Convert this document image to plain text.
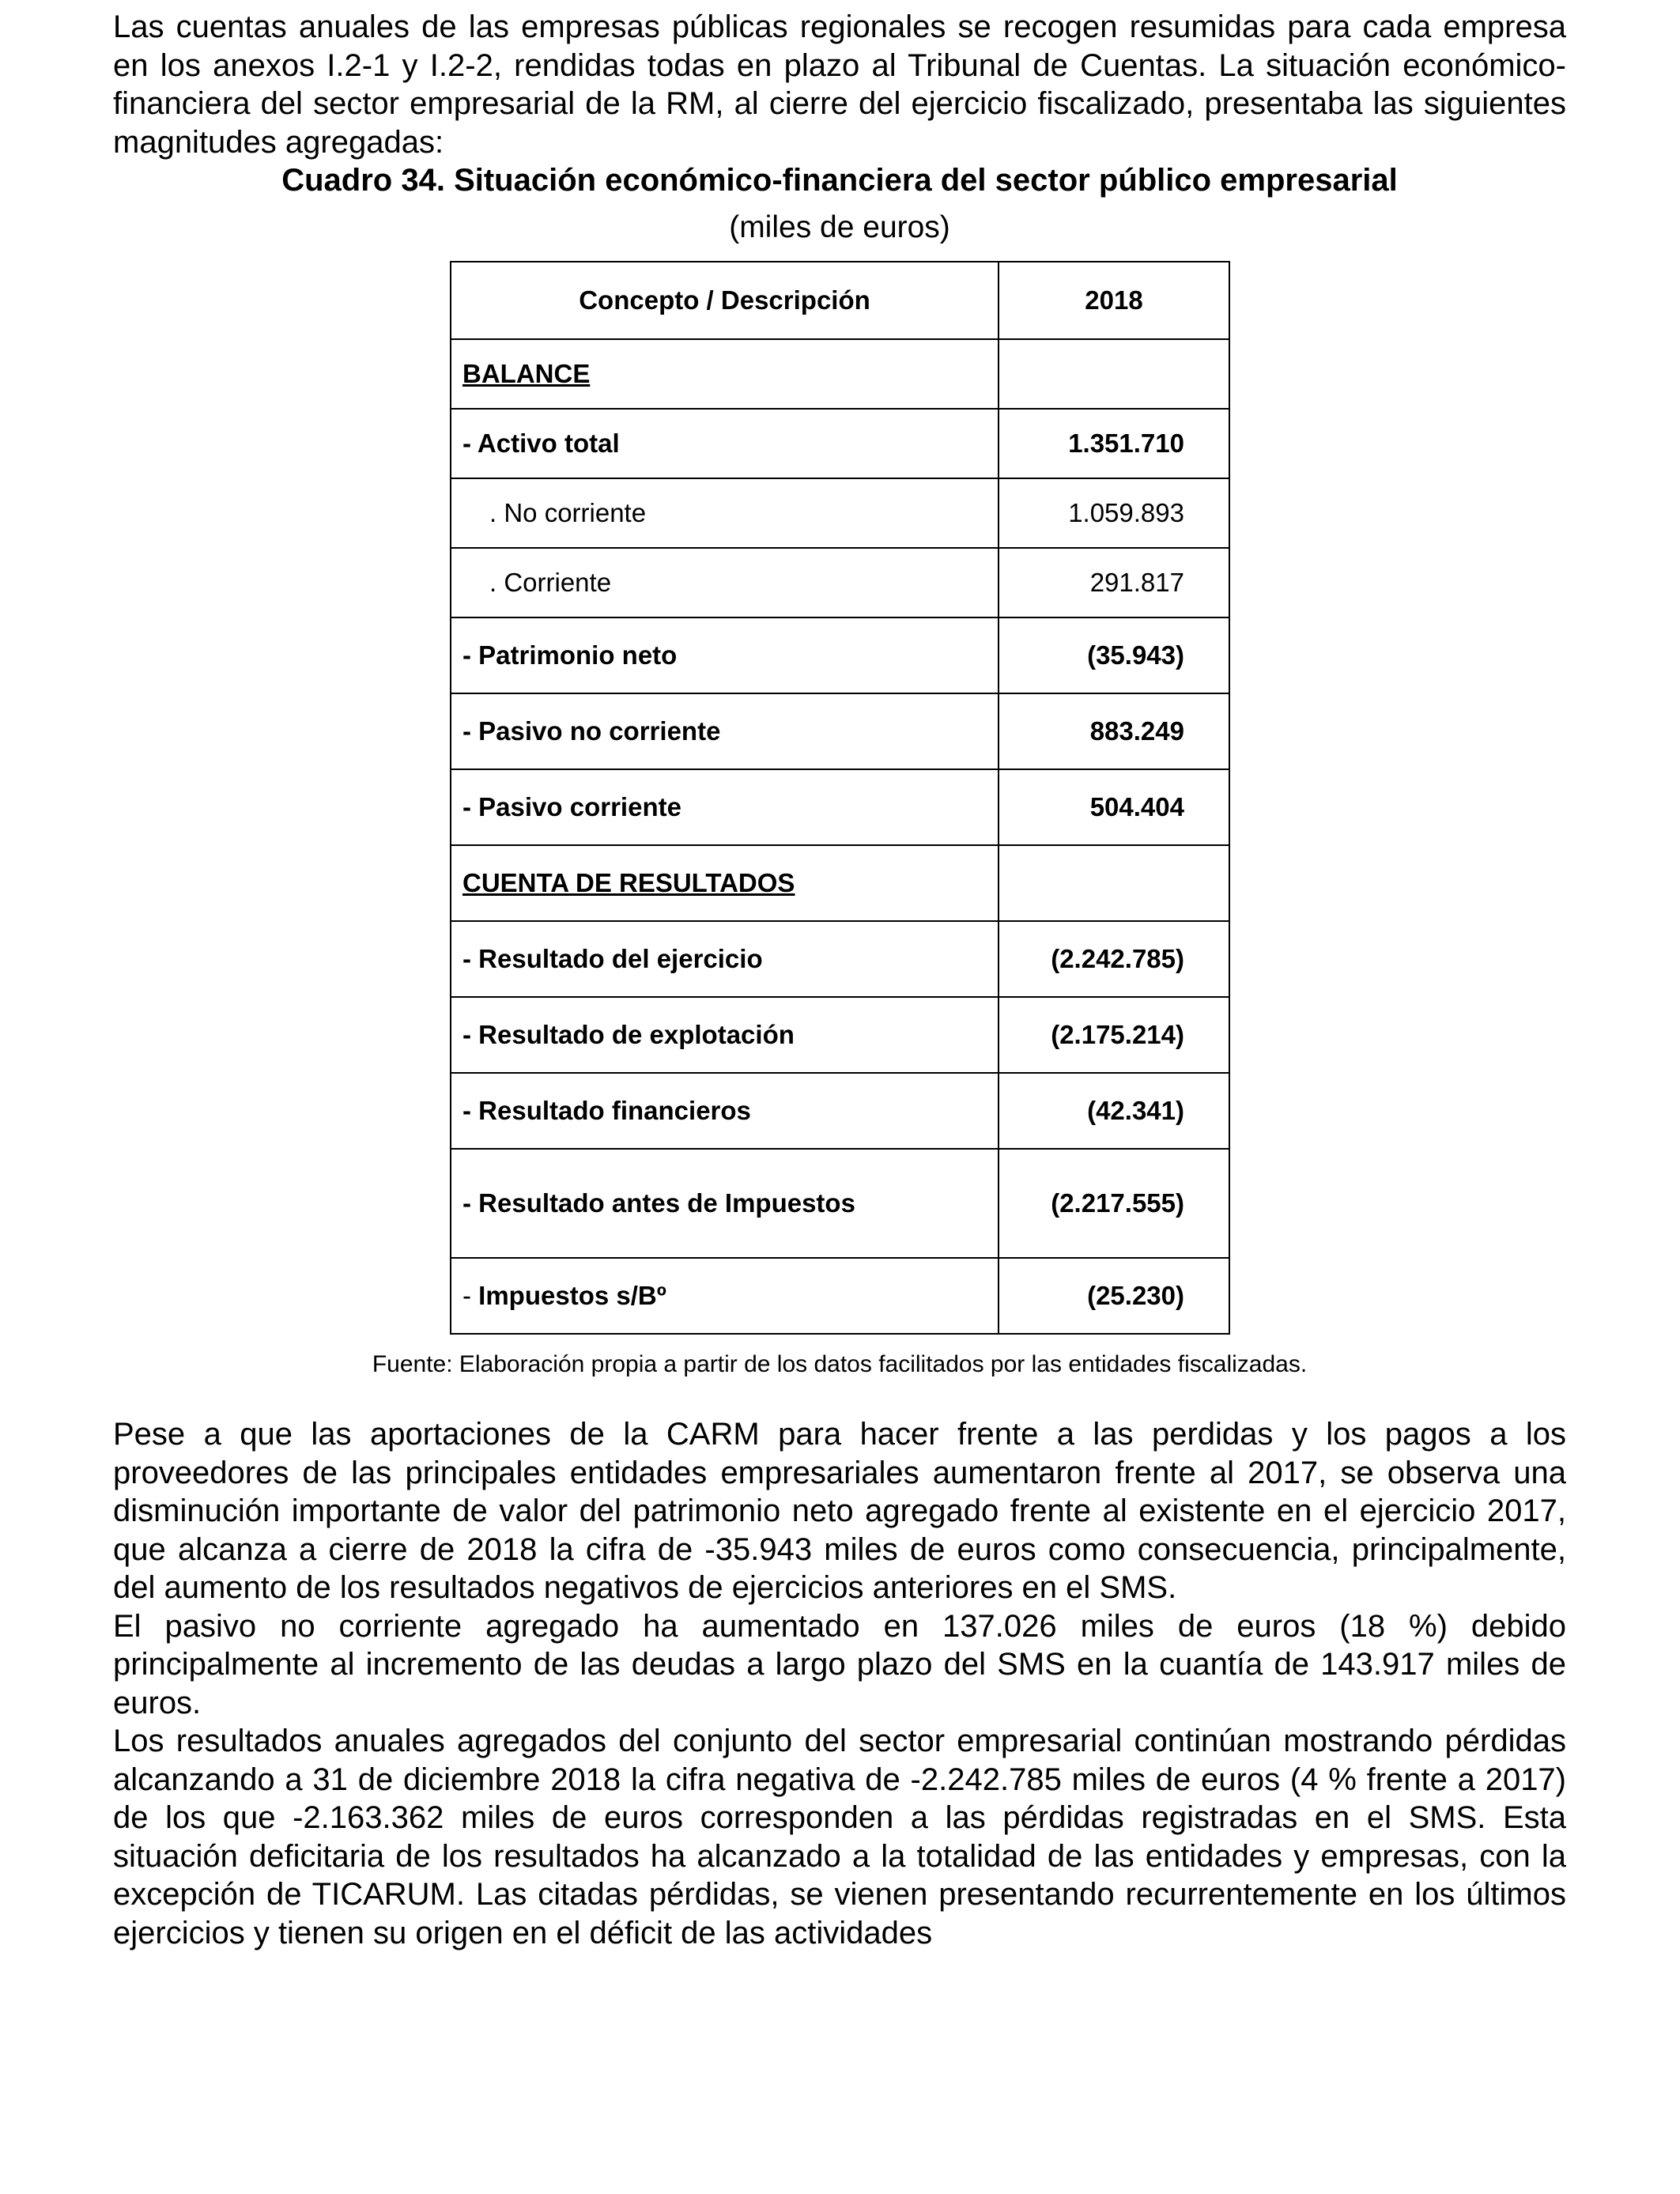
Las cuentas anuales de las empresas públicas regionales se recogen resumidas para cada empresa en los anexos I.2-1 y I.2-2, rendidas todas en plazo al Tribunal de Cuentas. La situación económico-financiera del sector empresarial de la RM, al cierre del ejercicio fiscalizado, presentaba las siguientes magnitudes agregadas:

Cuadro 34. Situación económico-financiera del sector público empresarial
(miles de euros)
Concepto / Descripción	2018
BALANCE	
- Activo total	1.351.710
. No corriente	1.059.893
. Corriente	291.817
- Patrimonio neto	(35.943)
- Pasivo no corriente	883.249
- Pasivo corriente	504.404
CUENTA DE RESULTADOS	
- Resultado del ejercicio	(2.242.785)
- Resultado de explotación	(2.175.214)
- Resultado financieros	(42.341)
- Resultado antes de Impuestos	(2.217.555)
- Impuestos s/Bº	(25.230)
Fuente: Elaboración propia a partir de los datos facilitados por las entidades fiscalizadas.

Pese a que las aportaciones de la CARM para hacer frente a las perdidas y los pagos a los proveedores de las principales entidades empresariales aumentaron frente al 2017, se observa una disminución importante de valor del patrimonio neto agregado frente al existente en el ejercicio 2017, que alcanza a cierre de 2018 la cifra de -35.943 miles de euros como consecuencia, principalmente, del aumento de los resultados negativos de ejercicios anteriores en el SMS.

El pasivo no corriente agregado ha aumentado en 137.026 miles de euros (18 %) debido principalmente al incremento de las deudas a largo plazo del SMS en la cuantía de 143.917 miles de euros.

Los resultados anuales agregados del conjunto del sector empresarial continúan mostrando pérdidas alcanzando a 31 de diciembre 2018 la cifra negativa de -2.242.785 miles de euros (4 % frente a 2017) de los que -2.163.362 miles de euros corresponden a las pérdidas registradas en el SMS. Esta situación deficitaria de los resultados ha alcanzado a la totalidad de las entidades y empresas, con la excepción de TICARUM. Las citadas pérdidas, se vienen presentando recurrentemente en los últimos ejercicios y tienen su origen en el déficit de las actividades
